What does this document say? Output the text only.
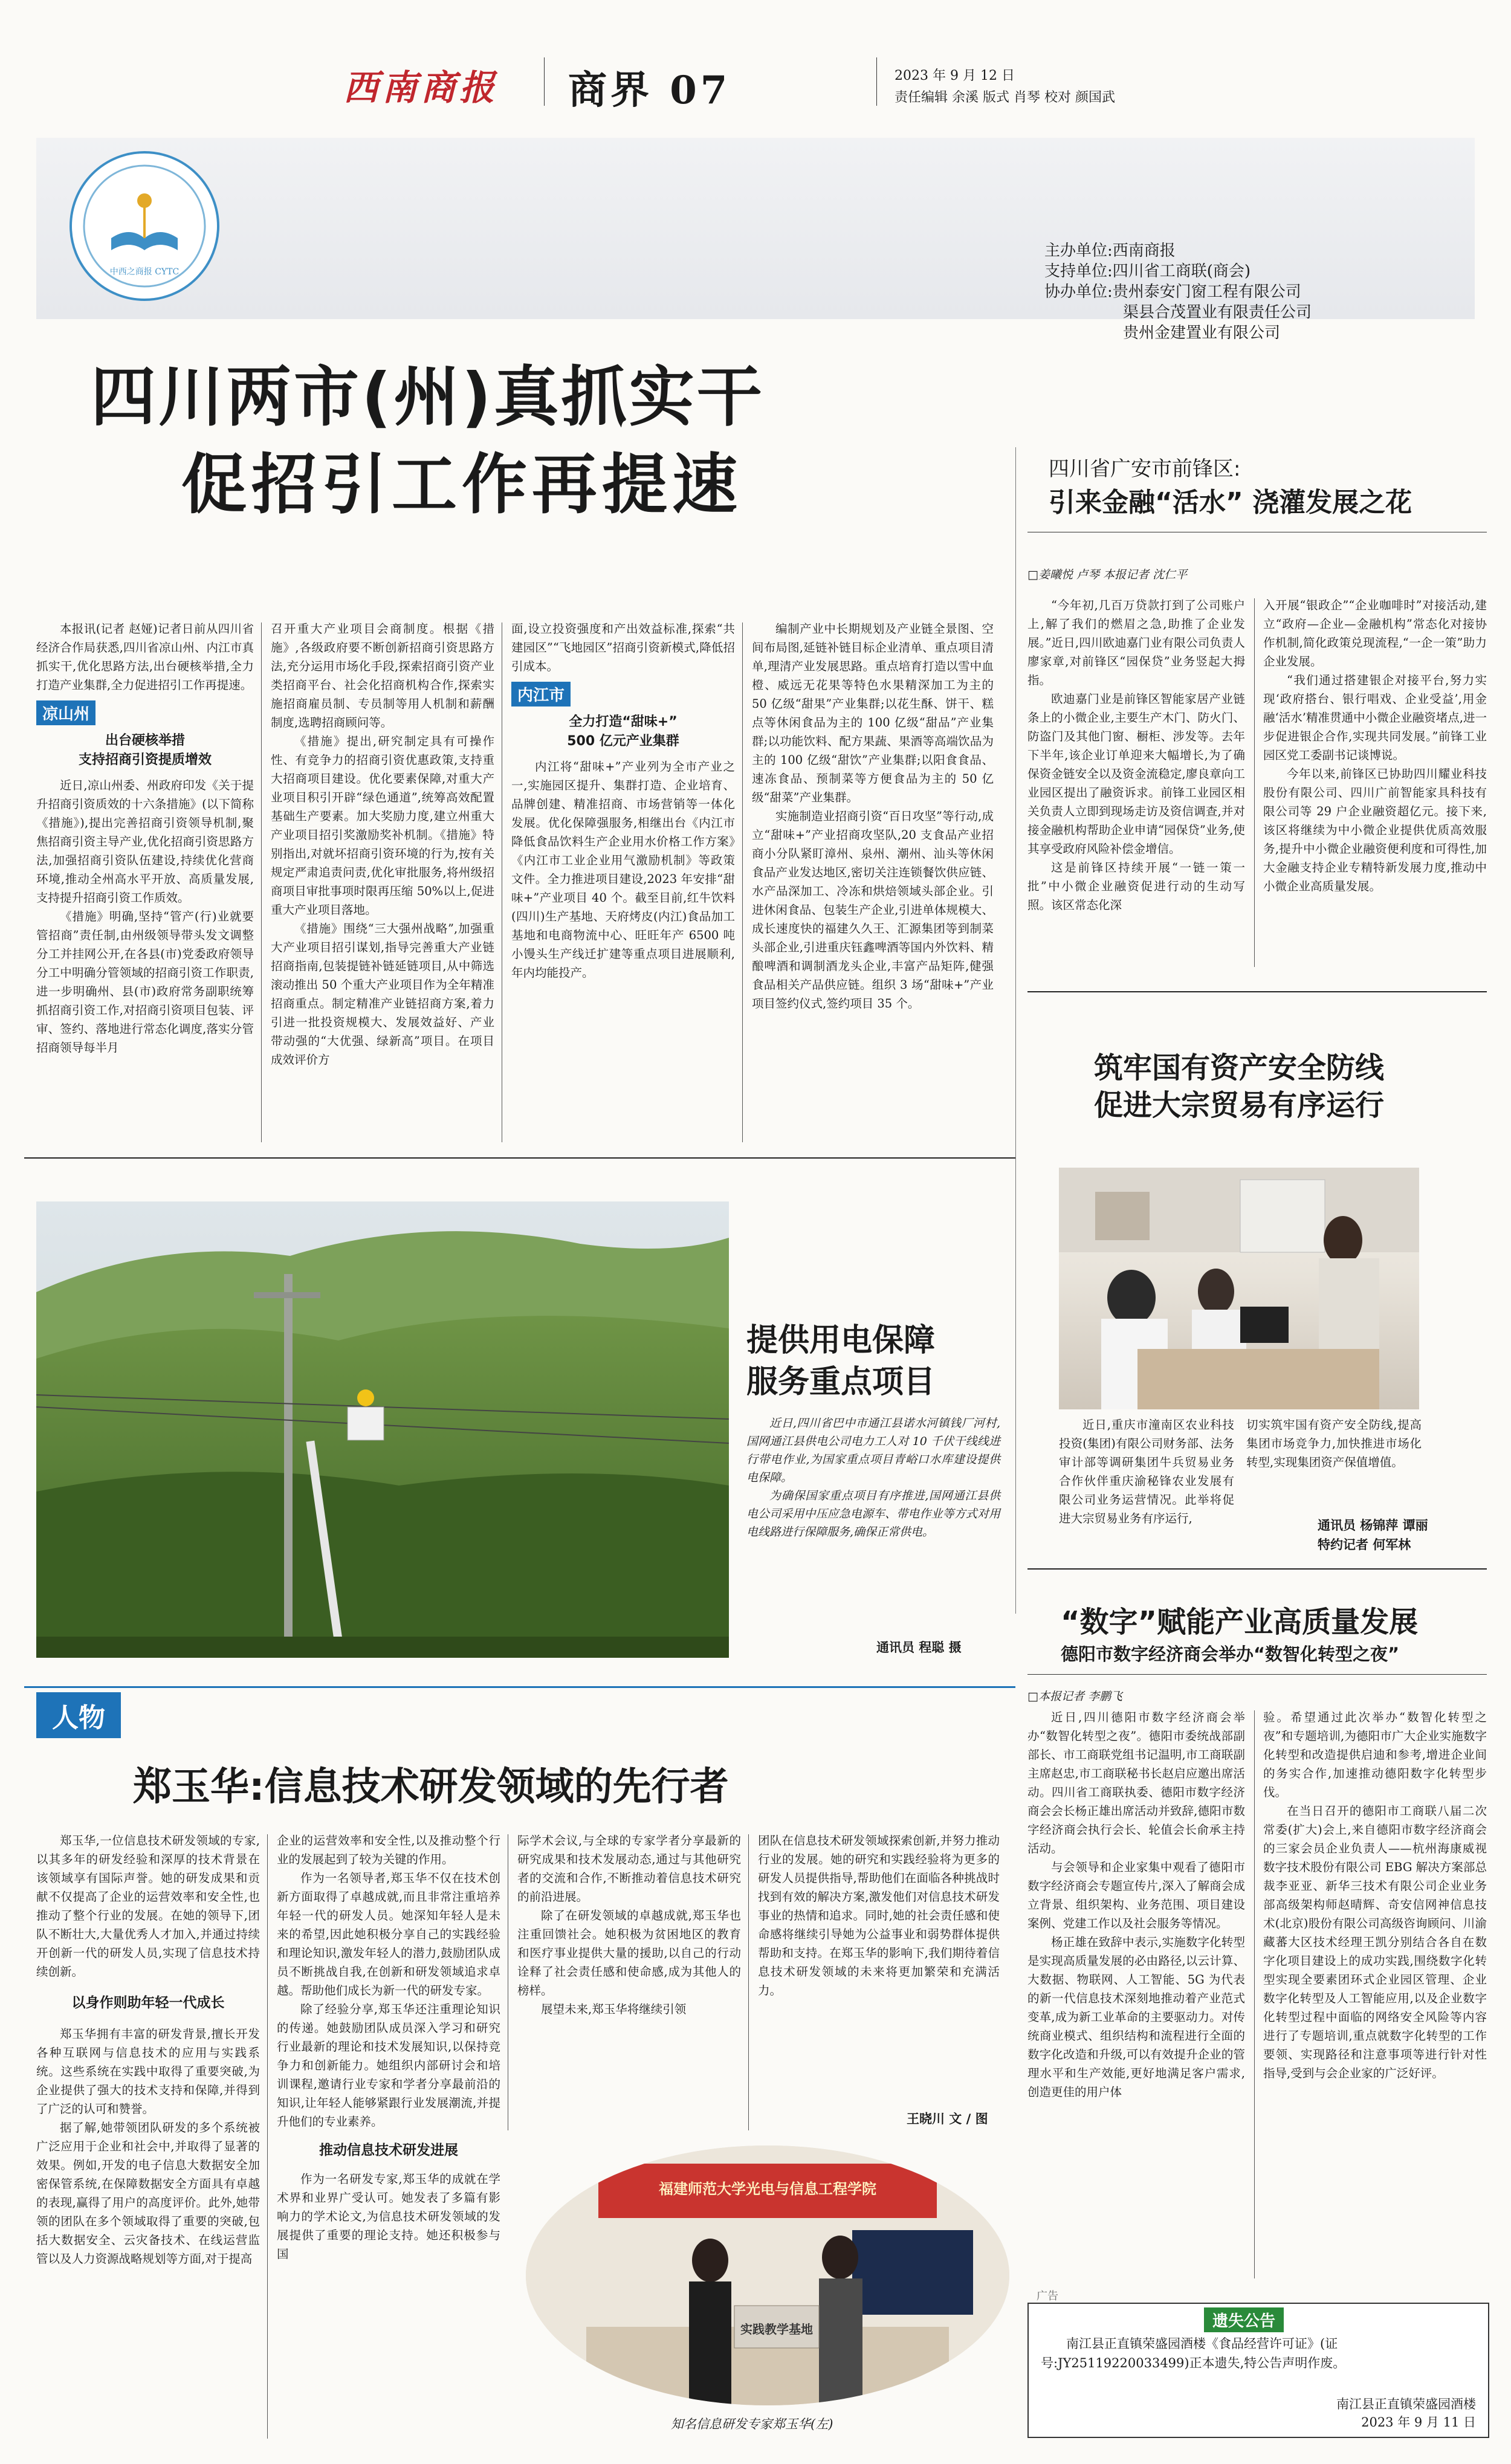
西南商报 商界 07	2023 年 9 月 12 日
责任编辑 余溪 版式 肖琴 校对 颜国武
中西之商报 CYTC
主办单位:西南商报
支持单位:四川省工商联(商会)
协办单位:贵州泰安门窗工程有限公司
渠县合茂置业有限责任公司
贵州金建置业有限公司
四川两市(州)真抓实干
促招引工作再提速

本报讯(记者 赵娅)记者日前从四川省经济合作局获悉,四川省凉山州、内江市真抓实干,优化思路方法,出台硬核举措,全力打造产业集群,全力促进招引工作再提速。

凉山州
出台硬核举措
支持招商引资提质增效

近日,凉山州委、州政府印发《关于提升招商引资质效的十六条措施》(以下简称《措施》),提出完善招商引资领导机制,聚焦招商引资主导产业,优化招商引资思路方法,加强招商引资队伍建设,持续优化营商环境,推动全州高水平开放、高质量发展,支持提升招商引资工作质效。

《措施》明确,坚持“管产(行)业就要管招商”责任制,由州级领导带头发文调整分工并挂网公开,在各县(市)党委政府领导分工中明确分管领域的招商引资工作职责,进一步明确州、县(市)政府常务副职统筹抓招商引资工作,对招商引资项目包装、评审、签约、落地进行常态化调度,落实分管招商领导每半月

召开重大产业项目会商制度。根据《措施》,各级政府要不断创新招商引资思路方法,充分运用市场化手段,探索招商引资产业类招商平台、社会化招商机构合作,探索实施招商雇员制、专员制等用人机制和薪酬制度,选聘招商顾问等。

《措施》提出,研究制定具有可操作性、有竞争力的招商引资优惠政策,支持重大招商项目建设。优化要素保障,对重大产业项目积引开辟“绿色通道”,统筹高效配置基础生产要素。加大奖励力度,建立州重大产业项目招引奖激励奖补机制。《措施》特别指出,对就坏招商引资环境的行为,按有关规定严肃追责问责,优化审批服务,将州级招商项目审批事项时限再压缩 50%以上,促进重大产业项目落地。

《措施》围绕“三大强州战略”,加强重大产业项目招引谋划,指导完善重大产业链招商指南,包装提链补链延链项目,从中筛选滚动推出 50 个重大产业项目作为全年精准招商重点。制定精准产业链招商方案,着力引进一批投资规模大、发展效益好、产业带动强的“大优强、绿新高”项目。在项目成效评价方

面,设立投资强度和产出效益标准,探索“共建园区”“飞地园区”招商引资新模式,降低招引成本。

内江市
全力打造“甜味+”
500 亿元产业集群

内江将“甜味+”产业列为全市产业之一,实施园区提升、集群打造、企业培育、品牌创建、精准招商、市场营销等一体化发展。优化保障强服务,相继出台《内江市降低食品饮料生产企业用水价格工作方案》《内江市工业企业用气激励机制》等政策文件。全力推进项目建设,2023 年安排“甜味+”产业项目 40 个。截至目前,红牛饮料(四川)生产基地、天府烤皮(内江)食品加工基地和电商物流中心、旺旺年产 6500 吨小馒头生产线迁扩建等重点项目进展顺利,年内均能投产。

编制产业中长期规划及产业链全景图、空间布局图,延链补链目标企业清单、重点项目清单,理清产业发展思路。重点培育打造以雪中血橙、威远无花果等特色水果精深加工为主的 50 亿级“甜果”产业集群;以花生酥、饼干、糕点等休闲食品为主的 100 亿级“甜品”产业集群;以功能饮料、配方果蔬、果酒等高端饮品为主的 100 亿级“甜饮”产业集群;以阳食食品、速冻食品、预制菜等方便食品为主的 50 亿级“甜菜”产业集群。

实施制造业招商引资“百日攻坚”等行动,成立“甜味+”产业招商攻坚队,20 支食品产业招商小分队紧盯漳州、泉州、潮州、汕头等休闲食品产业发达地区,密切关注连锁餐饮供应链、水产品深加工、冷冻和烘焙领域头部企业。引进休闲食品、包装生产企业,引进单体规模大、成长速度快的福建久久王、汇源集团等到制菜头部企业,引进重庆钰鑫啤酒等国内外饮料、精酿啤酒和调制酒龙头企业,丰富产品矩阵,健强食品相关产品供应链。组织 3 场“甜味+”产业项目签约仪式,签约项目 35 个。

四川省广安市前锋区:
引来金融“活水” 浇灌发展之花
□姜曦悦 卢琴 本报记者 沈仁平

“今年初,几百万贷款打到了公司账户上,解了我们的燃眉之急,助推了企业发展。”近日,四川欧迪嘉门业有限公司负责人廖家章,对前锋区“园保贷”业务竖起大拇指。

欧迪嘉门业是前锋区智能家居产业链条上的小微企业,主要生产木门、防火门、防盗门及其他门窗、橱柜、涉发等。去年下半年,该企业订单迎来大幅增长,为了确保资金链安全以及资金流稳定,廖良章向工业园区提出了融资诉求。前锋工业园区相关负责人立即到现场走访及资信调查,并对接金融机构帮助企业申请“园保贷”业务,使其享受政府风险补偿金增信。

这是前锋区持续开展“一链一策一批”中小微企业融资促进行动的生动写照。该区常态化深

入开展“银政企”“企业咖啡时”对接活动,建立“政府—企业—金融机构”常态化对接协作机制,简化政策兑现流程,“一企一策”助力企业发展。

“我们通过搭建银企对接平台,努力实现‘政府搭台、银行唱戏、企业受益’,用金融‘活水’精准贯通中小微企业融资堵点,进一步促进银企合作,实现共同发展。”前锋工业园区党工委副书记谈博说。

今年以来,前锋区已协助四川耀业科技股份有限公司、四川广前智能家具科技有限公司等 29 户企业融资超亿元。接下来,该区将继续为中小微企业提供优质高效服务,提升中小微企业融资便利度和可得性,加大金融支持企业专精特新发展力度,推动中小微企业高质量发展。

筑牢国有资产安全防线
促进大宗贸易有序运行

近日,重庆市潼南区农业科技投资(集团)有限公司财务部、法务审计部等调研集团牛兵贸易业务合作伙伴重庆渝秘锋农业发展有限公司业务运营情况。此举将促进大宗贸易业务有序运行,

切实筑牢国有资产安全防线,提高集团市场竞争力,加快推进市场化转型,实现集团资产保值增值。

通讯员 杨锦萍 谭丽
特约记者 何军林
提供用电保障
服务重点项目

近日,四川省巴中市通江县诺水河镇钱厂河村,国网通江县供电公司电力工人对 10 千伏干线线进行带电作业,为国家重点项目青峪口水库建设提供电保障。

为确保国家重点项目有序推进,国网通江县供电公司采用中压应急电源车、带电作业等方式对用电线路进行保障服务,确保正常供电。

通讯员 程聪 摄
“数字”赋能产业高质量发展
德阳市数字经济商会举办“数智化转型之夜”
□本报记者 李鹏飞

近日,四川德阳市数字经济商会举办“数智化转型之夜”。德阳市委统战部副部长、市工商联党组书记温明,市工商联副主席赵忠,市工商联秘书长赵启应邀出席活动。四川省工商联执委、德阳市数字经济商会会长杨正雄出席活动并致辞,德阳市数字经济商会执行会长、轮值会长俞承主持活动。

与会领导和企业家集中观看了德阳市数字经济商会专题宣传片,深入了解商会成立背景、组织架构、业务范围、项目建设案例、党建工作以及社会服务等情况。

杨正雄在致辞中表示,实施数字化转型是实现高质量发展的必由路径,以云计算、大数据、物联网、人工智能、5G 为代表的新一代信息技术深刻地推动着产业范式变革,成为新工业革命的主要驱动力。对传统商业模式、组织结构和流程进行全面的数字化改造和升级,可以有效提升企业的管理水平和生产效能,更好地满足客户需求,创造更佳的用户体

验。希望通过此次举办“数智化转型之夜”和专题培训,为德阳市广大企业实施数字化转型和改造提供启迪和参考,增进企业间的务实合作,加速推动德阳数字化转型步伐。

在当日召开的德阳市工商联八届二次常委(扩大)会上,来自德阳市数字经济商会的三家会员企业负责人——杭州海康威视数字技术股份有限公司 EBG 解决方案部总裁李亚亚、新华三技术有限公司企业业务部高级架构师赵晴辉、奇安信网神信息技术(北京)股份有限公司高级咨询顾问、川渝藏蕃大区技术经理王凯分别结合各自在数字化项目建设上的成功实践,围绕数字化转型实现全要素团环式企业园区管理、企业数字化转型及人工智能应用,以及企业数字化转型过程中面临的网络安全风险等内容进行了专题培训,重点就数字化转型的工作要领、实现路径和注意事项等进行针对性指导,受到与会企业家的广泛好评。

人物
郑玉华:信息技术研发领域的先行者

郑玉华,一位信息技术研发领域的专家,以其多年的研发经验和深厚的技术背景在该领域享有国际声誉。她的研发成果和贡献不仅提高了企业的运营效率和安全性,也推动了整个行业的发展。在她的领导下,团队不断壮大,大量优秀人才加入,并通过持续开创新一代的研发人员,实现了信息技术持续创新。

以身作则助年轻一代成长

郑玉华拥有丰富的研发背景,擅长开发各种互联网与信息技术的应用与实践系统。这些系统在实践中取得了重要突破,为企业提供了强大的技术支持和保障,并得到了广泛的认可和赞誉。

据了解,她带领团队研发的多个系统被广泛应用于企业和社会中,并取得了显著的效果。例如,开发的电子信息大数据安全加密保管系统,在保障数据安全方面具有卓越的表现,赢得了用户的高度评价。此外,她带领的团队在多个领域取得了重要的突破,包括大数据安全、云灾备技术、在线运营监管以及人力资源战略规划等方面,对于提高

企业的运营效率和安全性,以及推动整个行业的发展起到了较为关键的作用。

作为一名领导者,郑玉华不仅在技术创新方面取得了卓越成就,而且非常注重培养年轻一代的研发人员。她深知年轻人是未来的希望,因此她积极分享自己的实践经验和理论知识,激发年轻人的潜力,鼓励团队成员不断挑战自我,在创新和研发领域追求卓越。帮助他们成长为新一代的研发专家。

除了经验分享,郑玉华还注重理论知识的传递。她鼓励团队成员深入学习和研究行业最新的理论和技术发展知识,以保持竞争力和创新能力。她组织内部研讨会和培训课程,邀请行业专家和学者分享最前沿的知识,让年轻人能够紧跟行业发展潮流,并提升他们的专业素养。

推动信息技术研发进展

作为一名研发专家,郑玉华的成就在学术界和业界广受认可。她发表了多篇有影响力的学术论文,为信息技术研发领域的发展提供了重要的理论支持。她还积极参与国

际学术会议,与全球的专家学者分享最新的研究成果和技术发展动态,通过与其他研究者的交流和合作,不断推动着信息技术研究的前沿进展。

除了在研发领域的卓越成就,郑玉华也注重回馈社会。她积极为贫困地区的教育和医疗事业提供大量的援助,以自己的行动诠释了社会责任感和使命感,成为其他人的榜样。

展望未来,郑玉华将继续引领

团队在信息技术研发领域探索创新,并努力推动行业的发展。她的研究和实践经验将为更多的研发人员提供指导,帮助他们在面临各种挑战时找到有效的解决方案,激发他们对信息技术研发事业的热情和追求。同时,她的社会责任感和使命感将继续引导她为公益事业和弱势群体提供帮助和支持。在郑玉华的影响下,我们期待着信息技术研发领域的未来将更加繁荣和充满活力。

王晓川 文 / 图
福建师范大学光电与信息工程学院
实践教学基地
知名信息研发专家郑玉华(左)
广告
遗失公告
南江县正直镇荣盛园酒楼《食品经营许可证》(证号:JY25119220033499)正本遗失,特公告声明作废。
南江县正直镇荣盛园酒楼
2023 年 9 月 11 日
